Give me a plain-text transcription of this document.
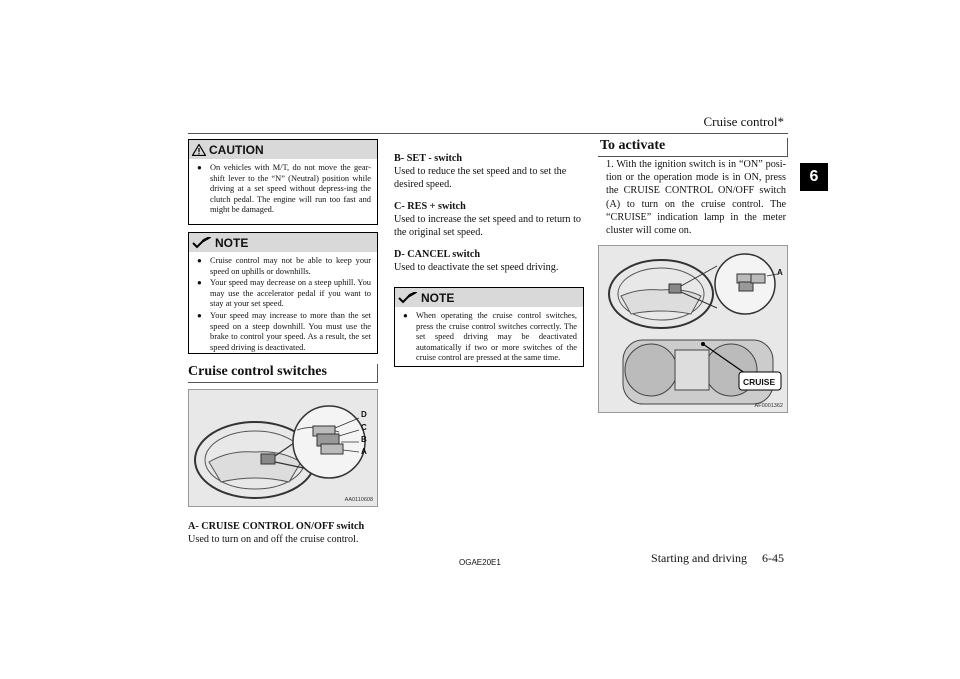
Cruise control*
6
CAUTION
● On vehicles with M/T, do not move the gear-shift lever to the “N” (Neutral) position while driving at a set speed without depress-ing the clutch pedal. The engine will run too fast and might be damaged.
NOTE
● Cruise control may not be able to keep your speed on uphills or downhills.
● Your speed may decrease on a steep uphill. You may use the accelerator pedal if you want to stay at your set speed.
● Your speed may increase to more than the set speed on a steep downhill. You must use the brake to control your speed. As a result, the set speed driving is deactivated.
Cruise control switches
D
C
B
A
AA0110608
A- CRUISE CONTROL ON/OFF switch
Used to turn on and off the cruise control.
B- SET - switch
Used to reduce the set speed and to set the desired speed.
C- RES + switch
Used to increase the set speed and to return to the original set speed.
D- CANCEL switch
Used to deactivate the set speed driving.
NOTE
● When operating the cruise control switches, press the cruise control switches correctly. The set speed driving may be deactivated automatically if two or more switches of the cruise control are pressed at the same time.
To activate
1. With the ignition switch is in “ON” posi-tion or the operation mode is in ON, press the CRUISE CONTROL ON/OFF switch (A) to turn on the cruise control. The “CRUISE” indication lamp in the meter cluster will come on.
A
CRUISE
AF0001362
OGAE20E1	Starting and driving     6-45
